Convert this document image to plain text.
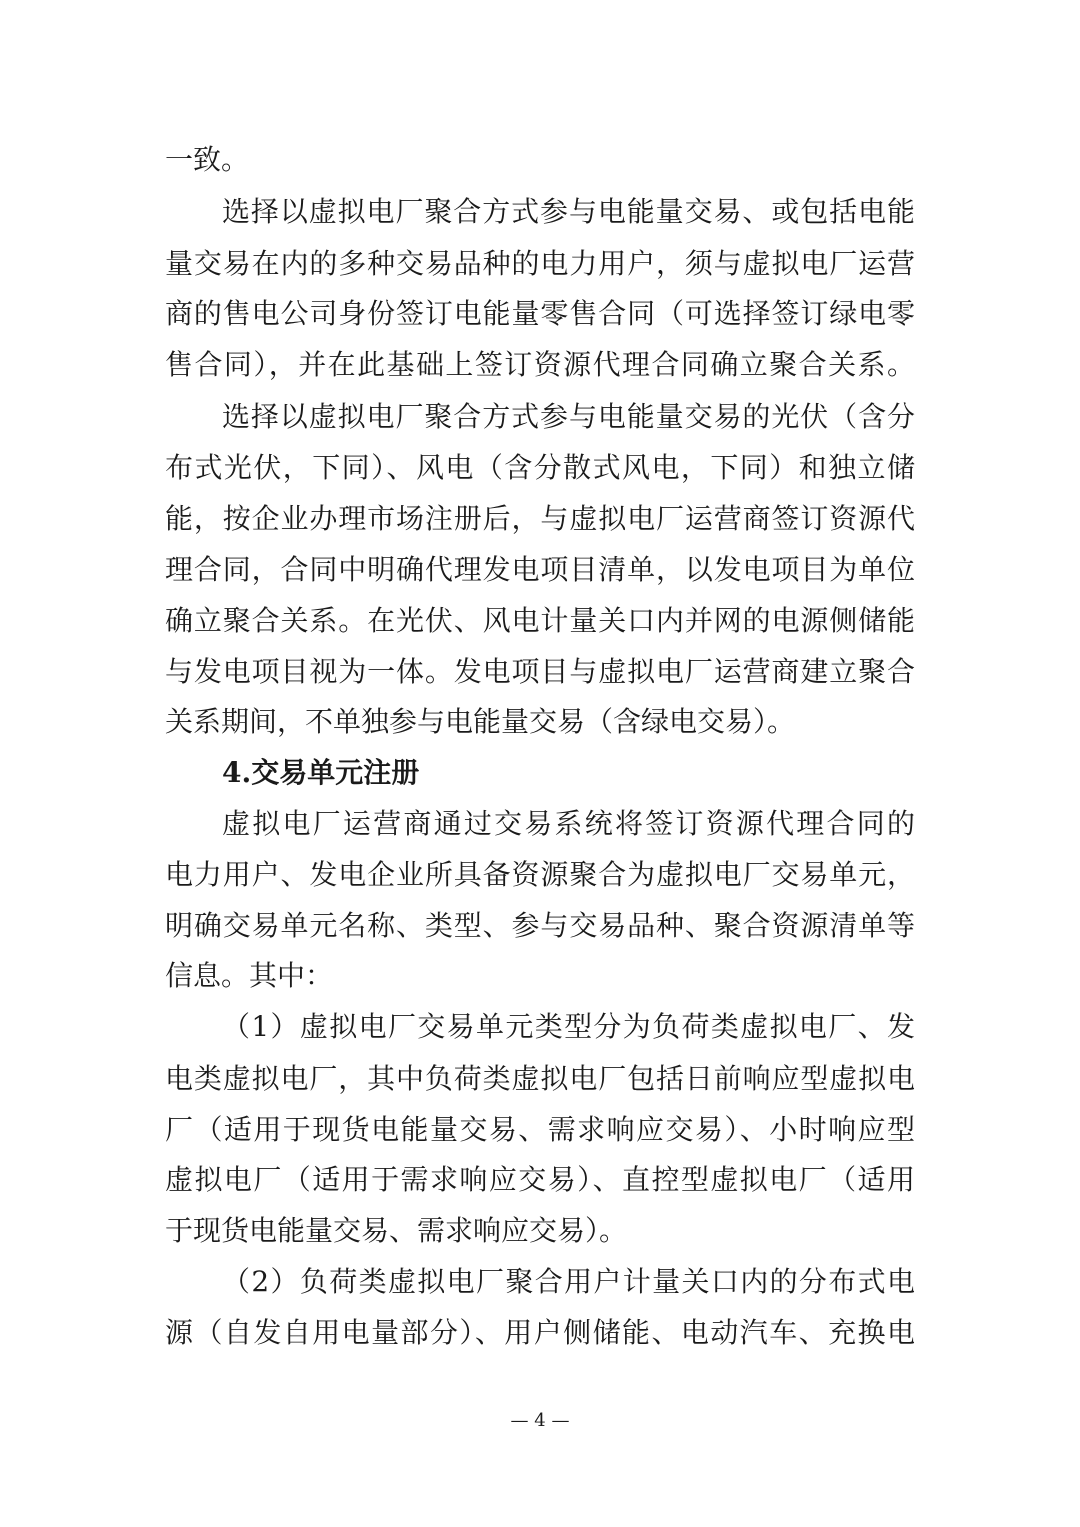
一致。
选择以虚拟电厂聚合方式参与电能量交易、或包括电能
量交易在内的多种交易品种的电力用户，须与虚拟电厂运营
商的售电公司身份签订电能量零售合同（可选择签订绿电零
售合同），并在此基础上签订资源代理合同确立聚合关系。
选择以虚拟电厂聚合方式参与电能量交易的光伏（含分
布式光伏，下同）、风电（含分散式风电，下同）和独立储
能，按企业办理市场注册后，与虚拟电厂运营商签订资源代
理合同，合同中明确代理发电项目清单，以发电项目为单位
确立聚合关系。在光伏、风电计量关口内并网的电源侧储能
与发电项目视为一体。发电项目与虚拟电厂运营商建立聚合
关系期间，不单独参与电能量交易（含绿电交易）。
4.交易单元注册
虚拟电厂运营商通过交易系统将签订资源代理合同的
电力用户、发电企业所具备资源聚合为虚拟电厂交易单元，
明确交易单元名称、类型、参与交易品种、聚合资源清单等
信息。其中：
（1）虚拟电厂交易单元类型分为负荷类虚拟电厂、发
电类虚拟电厂，其中负荷类虚拟电厂包括日前响应型虚拟电
厂（适用于现货电能量交易、需求响应交易）、小时响应型
虚拟电厂（适用于需求响应交易）、直控型虚拟电厂（适用
于现货电能量交易、需求响应交易）。
（2）负荷类虚拟电厂聚合用户计量关口内的分布式电
源（自发自用电量部分）、用户侧储能、电动汽车、充换电
— 4 —
